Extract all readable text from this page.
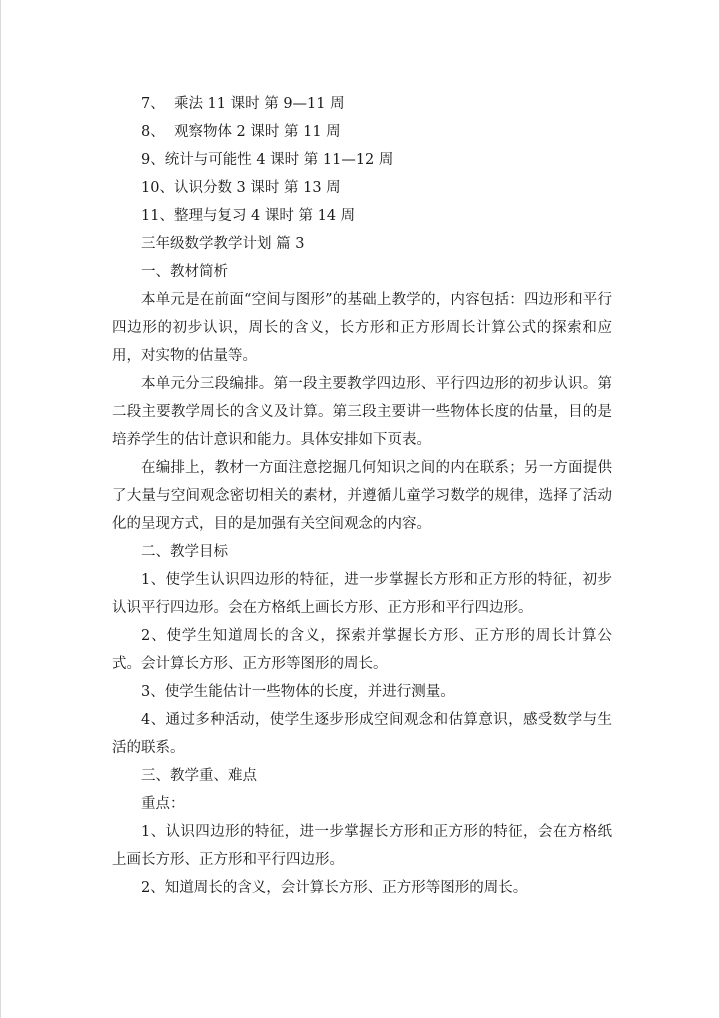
7、  乘法 11 课时 第 9—11 周

8、  观察物体 2 课时 第 11 周

9、统计与可能性 4 课时 第 11—12 周

10、认识分数 3 课时 第 13 周

11、整理与复习 4 课时 第 14 周

三年级数学教学计划 篇 3

一、教材简析

本单元是在前面“空间与图形”的基础上教学的，内容包括：四边形和平行四边形的初步认识，周长的含义，长方形和正方形周长计算公式的探索和应用，对实物的估量等。

本单元分三段编排。第一段主要教学四边形、平行四边形的初步认识。第二段主要教学周长的含义及计算。第三段主要讲一些物体长度的估量，目的是培养学生的估计意识和能力。具体安排如下页表。

在编排上，教材一方面注意挖掘几何知识之间的内在联系；另一方面提供了大量与空间观念密切相关的素材，并遵循儿童学习数学的规律，选择了活动化的呈现方式，目的是加强有关空间观念的内容。

二、教学目标

1、使学生认识四边形的特征，进一步掌握长方形和正方形的特征，初步认识平行四边形。会在方格纸上画长方形、正方形和平行四边形。

2、使学生知道周长的含义，探索并掌握长方形、正方形的周长计算公式。会计算长方形、正方形等图形的周长。

3、使学生能估计一些物体的长度，并进行测量。

4、通过多种活动，使学生逐步形成空间观念和估算意识，感受数学与生活的联系。

三、教学重、难点

重点：

1、认识四边形的特征，进一步掌握长方形和正方形的特征，会在方格纸上画长方形、正方形和平行四边形。

2、知道周长的含义，会计算长方形、正方形等图形的周长。
